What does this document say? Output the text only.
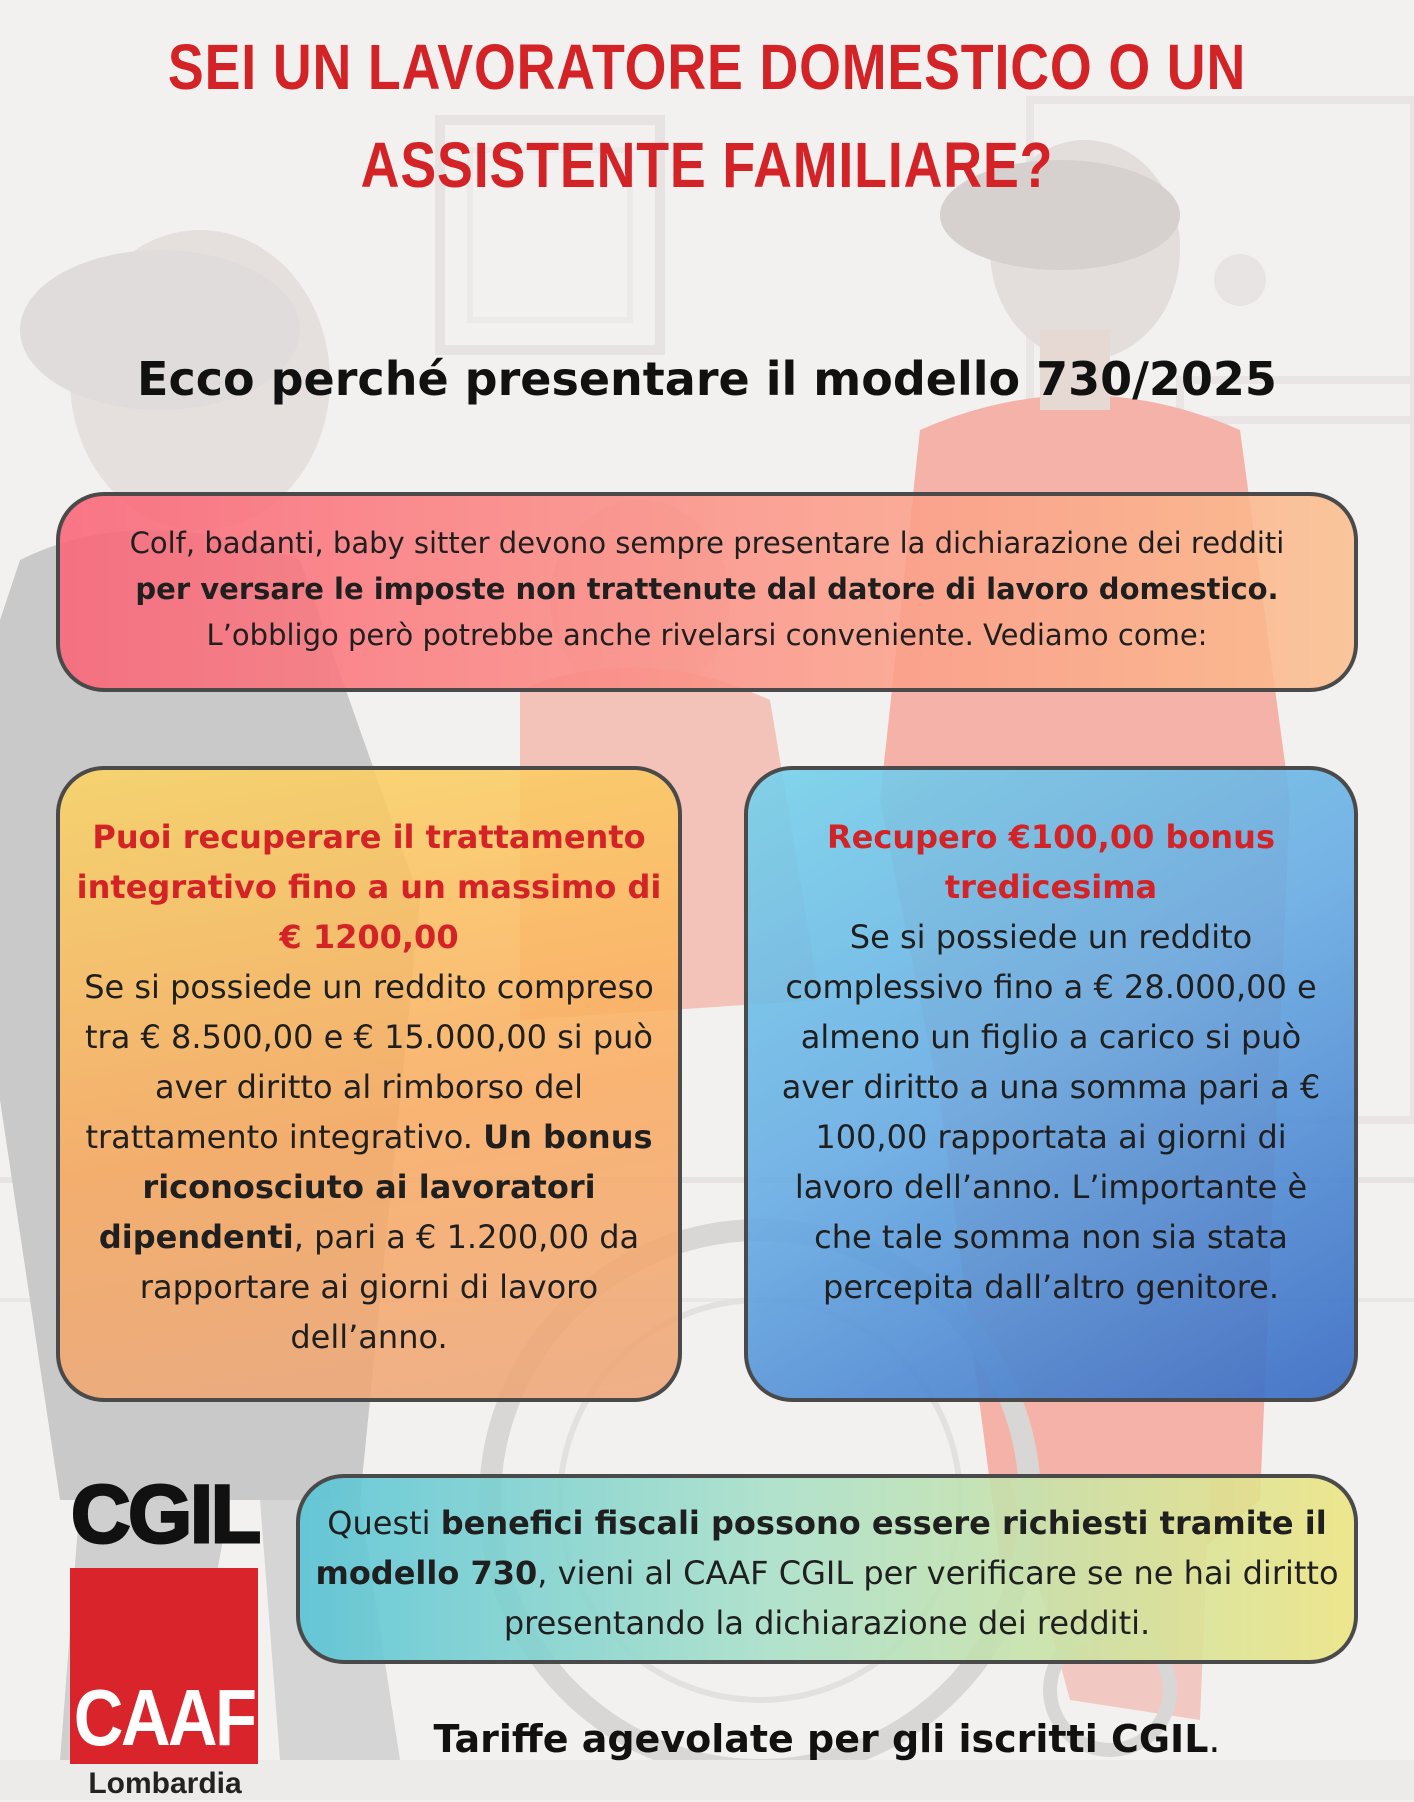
SEI UN LAVORATORE DOMESTICO O UN ASSISTENTE FAMILIARE?
Ecco perché presentare il modello 730/2025
Colf, badanti, baby sitter devono sempre presentare la dichiarazione dei redditi
per versare le imposte non trattenute dal datore di lavoro domestico.
L’obbligo però potrebbe anche rivelarsi conveniente. Vediamo come:
Puoi recuperare il trattamento integrativo fino a un massimo di € 1200,00
Se si possiede un reddito compreso tra € 8.500,00 e € 15.000,00 si può aver diritto al rimborso del trattamento integrativo. Un bonus riconosciuto ai lavoratori dipendenti, pari a € 1.200,00 da rapportare ai giorni di lavoro dell’anno.
Recupero €100,00 bonus tredicesima
Se si possiede un reddito complessivo fino a € 28.000,00 e almeno un figlio a carico si può aver diritto a una somma pari a € 100,00 rapportata ai giorni di lavoro dell’anno. L’importante è che tale somma non sia stata percepita dall’altro genitore.
CGIL
CAAF
Lombardia
Questi benefici fiscali possono essere richiesti tramite il modello 730, vieni al CAAF CGIL per verificare se ne hai diritto presentando la dichiarazione dei redditi.
Tariffe agevolate per gli iscritti CGIL.
